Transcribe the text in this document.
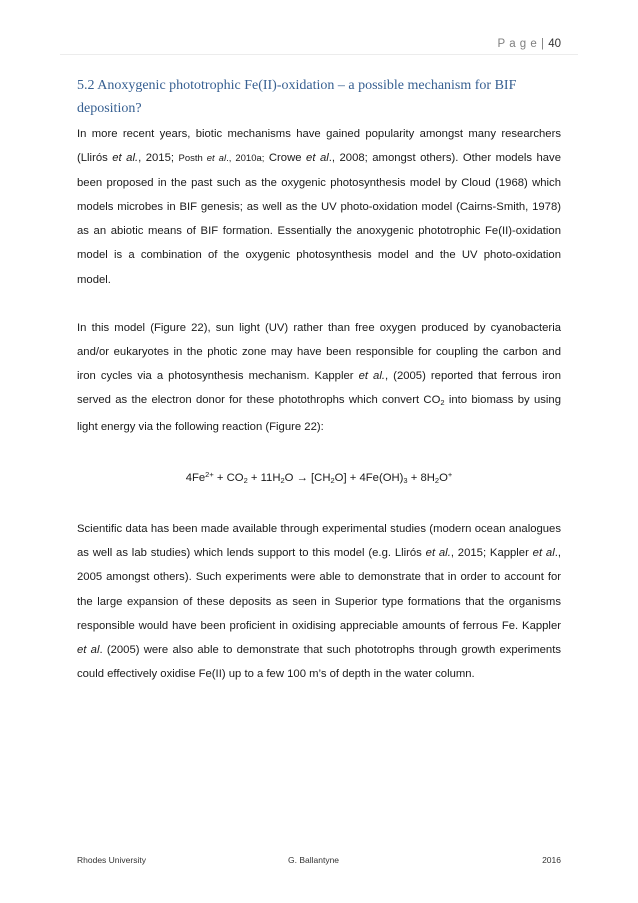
P a g e | 40
5.2 Anoxygenic phototrophic Fe(II)-oxidation – a possible mechanism for BIF deposition?

In more recent years, biotic mechanisms have gained popularity amongst many researchers (Llirós et al., 2015; Posth et al., 2010a; Crowe et al., 2008; amongst others). Other models have been proposed in the past such as the oxygenic photosynthesis model by Cloud (1968) which models microbes in BIF genesis; as well as the UV photo-oxidation model (Cairns-Smith, 1978) as an abiotic means of BIF formation. Essentially the anoxygenic phototrophic Fe(II)-oxidation model is a combination of the oxygenic photosynthesis model and the UV photo-oxidation model.

In this model (Figure 22), sun light (UV) rather than free oxygen produced by cyanobacteria and/or eukaryotes in the photic zone may have been responsible for coupling the carbon and iron cycles via a photosynthesis mechanism. Kappler et al., (2005) reported that ferrous iron served as the electron donor for these photothrophs which convert $CO_2$ into biomass by using light energy via the following reaction (Figure 22):

$4Fe^{2+} + CO_2 + 11H_2O \to [CH_2O] + 4Fe(OH)_3 + 8H_2O^+$

Scientific data has been made available through experimental studies (modern ocean analogues as well as lab studies) which lends support to this model (e.g. Llirós et al., 2015; Kappler et al., 2005 amongst others). Such experiments were able to demonstrate that in order to account for the large expansion of these deposits as seen in Superior type formations that the organisms responsible would have been proficient in oxidising appreciable amounts of ferrous Fe. Kappler et al. (2005) were also able to demonstrate that such phototrophs through growth experiments could effectively oxidise Fe(II) up to a few 100 m’s of depth in the water column.

Rhodes University	G. Ballantyne	2016
